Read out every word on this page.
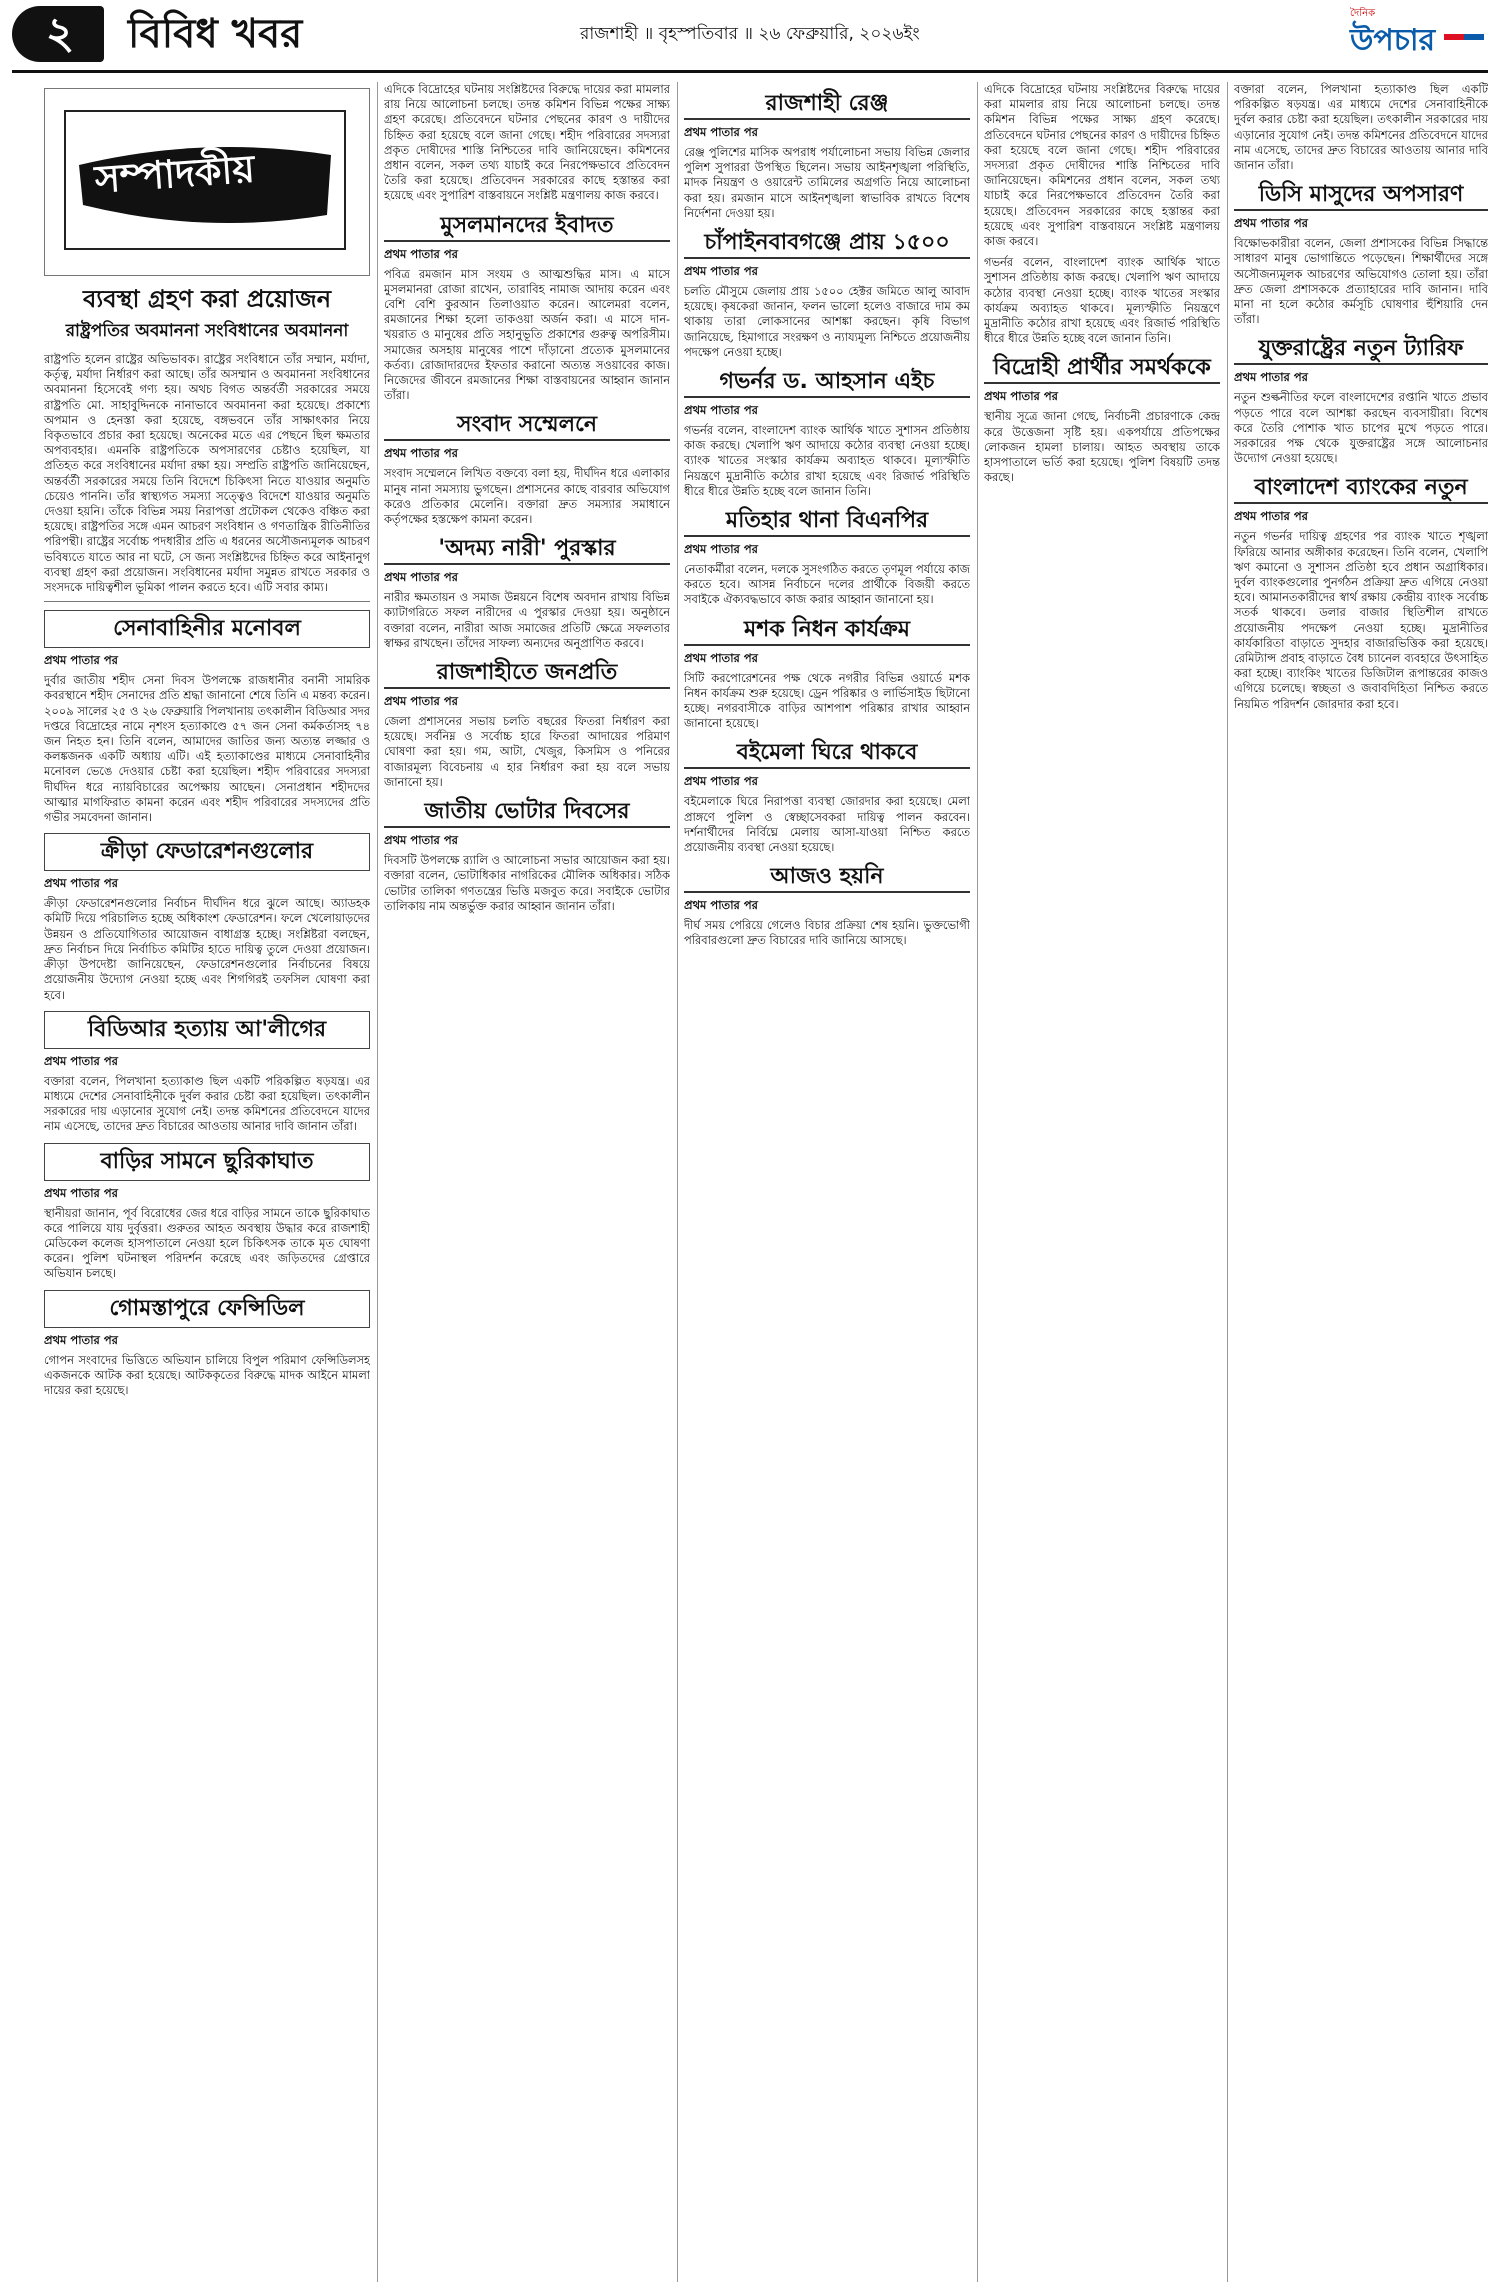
২	বিবিধ খবর	রাজশাহী ॥ বৃহস্পতিবার ॥ ২৬ ফেব্রুয়ারি, ২০২৬ইং
দৈনিক
উপচার
সম্পাদকীয়
ব্যবস্থা গ্রহণ করা প্রয়োজন
রাষ্ট্রপতির অবমাননা সংবিধানের অবমাননা
রাষ্ট্রপতি হলেন রাষ্ট্রের অভিভাবক। রাষ্ট্রের সংবিধানে তাঁর সম্মান, মর্যাদা, কর্তৃত্ব, মর্যাদা নির্ধারণ করা আছে। তাঁর অসম্মান ও অবমাননা সংবিধানের অবমাননা হিসেবেই গণ্য হয়। অথচ বিগত অন্তর্বর্তী সরকারের সময়ে রাষ্ট্রপতি মো. সাহাবুদ্দিনকে নানাভাবে অবমাননা করা হয়েছে। প্রকাশ্যে অপমান ও হেনস্তা করা হয়েছে, বঙ্গভবনে তাঁর সাক্ষাৎকার নিয়ে বিকৃতভাবে প্রচার করা হয়েছে। অনেকের মতে এর পেছনে ছিল ক্ষমতার অপব্যবহার। এমনকি রাষ্ট্রপতিকে অপসারণের চেষ্টাও হয়েছিল, যা প্রতিহত করে সংবিধানের মর্যাদা রক্ষা হয়। সম্প্রতি রাষ্ট্রপতি জানিয়েছেন, অন্তর্বর্তী সরকারের সময়ে তিনি বিদেশে চিকিৎসা নিতে যাওয়ার অনুমতি চেয়েও পাননি। তাঁর স্বাস্থ্যগত সমস্যা সত্ত্বেও বিদেশে যাওয়ার অনুমতি দেওয়া হয়নি। তাঁকে বিভিন্ন সময় নিরাপত্তা প্রটোকল থেকেও বঞ্চিত করা হয়েছে। রাষ্ট্রপতির সঙ্গে এমন আচরণ সংবিধান ও গণতান্ত্রিক রীতিনীতির পরিপন্থী। রাষ্ট্রের সর্বোচ্চ পদধারীর প্রতি এ ধরনের অসৌজন্যমূলক আচরণ ভবিষ্যতে যাতে আর না ঘটে, সে জন্য সংশ্লিষ্টদের চিহ্নিত করে আইনানুগ ব্যবস্থা গ্রহণ করা প্রয়োজন। সংবিধানের মর্যাদা সমুন্নত রাখতে সরকার ও সংসদকে দায়িত্বশীল ভূমিকা পালন করতে হবে। এটি সবার কাম্য।
সেনাবাহিনীর মনোবল
প্রথম পাতার পর
দুর্বার জাতীয় শহীদ সেনা দিবস উপলক্ষে রাজধানীর বনানী সামরিক কবরস্থানে শহীদ সেনাদের প্রতি শ্রদ্ধা জানানো শেষে তিনি এ মন্তব্য করেন। ২০০৯ সালের ২৫ ও ২৬ ফেব্রুয়ারি পিলখানায় তৎকালীন বিডিআর সদর দপ্তরে বিদ্রোহের নামে নৃশংস হত্যাকাণ্ডে ৫৭ জন সেনা কর্মকর্তাসহ ৭৪ জন নিহত হন। তিনি বলেন, আমাদের জাতির জন্য অত্যন্ত লজ্জার ও কলঙ্কজনক একটি অধ্যায় এটি। এই হত্যাকাণ্ডের মাধ্যমে সেনাবাহিনীর মনোবল ভেঙে দেওয়ার চেষ্টা করা হয়েছিল। শহীদ পরিবারের সদস্যরা দীর্ঘদিন ধরে ন্যায়বিচারের অপেক্ষায় আছেন। সেনাপ্রধান শহীদদের আত্মার মাগফিরাত কামনা করেন এবং শহীদ পরিবারের সদস্যদের প্রতি গভীর সমবেদনা জানান।
ক্রীড়া ফেডারেশনগুলোর
প্রথম পাতার পর
ক্রীড়া ফেডারেশনগুলোর নির্বাচন দীর্ঘদিন ধরে ঝুলে আছে। অ্যাডহক কমিটি দিয়ে পরিচালিত হচ্ছে অধিকাংশ ফেডারেশন। ফলে খেলোয়াড়দের উন্নয়ন ও প্রতিযোগিতার আয়োজন বাধাগ্রস্ত হচ্ছে। সংশ্লিষ্টরা বলছেন, দ্রুত নির্বাচন দিয়ে নির্বাচিত কমিটির হাতে দায়িত্ব তুলে দেওয়া প্রয়োজন। ক্রীড়া উপদেষ্টা জানিয়েছেন, ফেডারেশনগুলোর নির্বাচনের বিষয়ে প্রয়োজনীয় উদ্যোগ নেওয়া হচ্ছে এবং শিগগিরই তফসিল ঘোষণা করা হবে।
বিডিআর হত্যায় আ'লীগের
প্রথম পাতার পর
বক্তারা বলেন, পিলখানা হত্যাকাণ্ড ছিল একটি পরিকল্পিত ষড়যন্ত্র। এর মাধ্যমে দেশের সেনাবাহিনীকে দুর্বল করার চেষ্টা করা হয়েছিল। তৎকালীন সরকারের দায় এড়ানোর সুযোগ নেই। তদন্ত কমিশনের প্রতিবেদনে যাদের নাম এসেছে, তাদের দ্রুত বিচারের আওতায় আনার দাবি জানান তাঁরা।
বাড়ির সামনে ছুরিকাঘাত
প্রথম পাতার পর
স্থানীয়রা জানান, পূর্ব বিরোধের জের ধরে বাড়ির সামনে তাকে ছুরিকাঘাত করে পালিয়ে যায় দুর্বৃত্তরা। গুরুতর আহত অবস্থায় উদ্ধার করে রাজশাহী মেডিকেল কলেজ হাসপাতালে নেওয়া হলে চিকিৎসক তাকে মৃত ঘোষণা করেন। পুলিশ ঘটনাস্থল পরিদর্শন করেছে এবং জড়িতদের গ্রেপ্তারে অভিযান চলছে।
গোমস্তাপুরে ফেন্সিডিল
প্রথম পাতার পর
গোপন সংবাদের ভিত্তিতে অভিযান চালিয়ে বিপুল পরিমাণ ফেন্সিডিলসহ একজনকে আটক করা হয়েছে। আটককৃতের বিরুদ্ধে মাদক আইনে মামলা দায়ের করা হয়েছে।
এদিকে বিদ্রোহের ঘটনায় সংশ্লিষ্টদের বিরুদ্ধে দায়ের করা মামলার রায় নিয়ে আলোচনা চলছে। তদন্ত কমিশন বিভিন্ন পক্ষের সাক্ষ্য গ্রহণ করেছে। প্রতিবেদনে ঘটনার পেছনের কারণ ও দায়ীদের চিহ্নিত করা হয়েছে বলে জানা গেছে। শহীদ পরিবারের সদস্যরা প্রকৃত দোষীদের শাস্তি নিশ্চিতের দাবি জানিয়েছেন। কমিশনের প্রধান বলেন, সকল তথ্য যাচাই করে নিরপেক্ষভাবে প্রতিবেদন তৈরি করা হয়েছে। প্রতিবেদন সরকারের কাছে হস্তান্তর করা হয়েছে এবং সুপারিশ বাস্তবায়নে সংশ্লিষ্ট মন্ত্রণালয় কাজ করবে।
মুসলমানদের ইবাদত
প্রথম পাতার পর
পবিত্র রমজান মাস সংযম ও আত্মশুদ্ধির মাস। এ মাসে মুসলমানরা রোজা রাখেন, তারাবিহ নামাজ আদায় করেন এবং বেশি বেশি কুরআন তিলাওয়াত করেন। আলেমরা বলেন, রমজানের শিক্ষা হলো তাকওয়া অর্জন করা। এ মাসে দান-খয়রাত ও মানুষের প্রতি সহানুভূতি প্রকাশের গুরুত্ব অপরিসীম। সমাজের অসহায় মানুষের পাশে দাঁড়ানো প্রত্যেক মুসলমানের কর্তব্য। রোজাদারদের ইফতার করানো অত্যন্ত সওয়াবের কাজ। নিজেদের জীবনে রমজানের শিক্ষা বাস্তবায়নের আহ্বান জানান তাঁরা।
সংবাদ সম্মেলনে
প্রথম পাতার পর
সংবাদ সম্মেলনে লিখিত বক্তব্যে বলা হয়, দীর্ঘদিন ধরে এলাকার মানুষ নানা সমস্যায় ভুগছেন। প্রশাসনের কাছে বারবার অভিযোগ করেও প্রতিকার মেলেনি। বক্তারা দ্রুত সমস্যার সমাধানে কর্তৃপক্ষের হস্তক্ষেপ কামনা করেন।
'অদম্য নারী' পুরস্কার
প্রথম পাতার পর
নারীর ক্ষমতায়ন ও সমাজ উন্নয়নে বিশেষ অবদান রাখায় বিভিন্ন ক্যাটাগরিতে সফল নারীদের এ পুরস্কার দেওয়া হয়। অনুষ্ঠানে বক্তারা বলেন, নারীরা আজ সমাজের প্রতিটি ক্ষেত্রে সফলতার স্বাক্ষর রাখছেন। তাঁদের সাফল্য অন্যদের অনুপ্রাণিত করবে।
রাজশাহীতে জনপ্রতি
প্রথম পাতার পর
জেলা প্রশাসনের সভায় চলতি বছরের ফিতরা নির্ধারণ করা হয়েছে। সর্বনিম্ন ও সর্বোচ্চ হারে ফিতরা আদায়ের পরিমাণ ঘোষণা করা হয়। গম, আটা, খেজুর, কিসমিস ও পনিরের বাজারমূল্য বিবেচনায় এ হার নির্ধারণ করা হয় বলে সভায় জানানো হয়।
জাতীয় ভোটার দিবসের
প্রথম পাতার পর
দিবসটি উপলক্ষে র‍্যালি ও আলোচনা সভার আয়োজন করা হয়। বক্তারা বলেন, ভোটাধিকার নাগরিকের মৌলিক অধিকার। সঠিক ভোটার তালিকা গণতন্ত্রের ভিত্তি মজবুত করে। সবাইকে ভোটার তালিকায় নাম অন্তর্ভুক্ত করার আহ্বান জানান তাঁরা।
রাজশাহী রেঞ্জ
প্রথম পাতার পর
রেঞ্জ পুলিশের মাসিক অপরাধ পর্যালোচনা সভায় বিভিন্ন জেলার পুলিশ সুপাররা উপস্থিত ছিলেন। সভায় আইনশৃঙ্খলা পরিস্থিতি, মাদক নিয়ন্ত্রণ ও ওয়ারেন্ট তামিলের অগ্রগতি নিয়ে আলোচনা করা হয়। রমজান মাসে আইনশৃঙ্খলা স্বাভাবিক রাখতে বিশেষ নির্দেশনা দেওয়া হয়।
চাঁপাইনবাবগঞ্জে প্রায় ১৫০০
প্রথম পাতার পর
চলতি মৌসুমে জেলায় প্রায় ১৫০০ হেক্টর জমিতে আলু আবাদ হয়েছে। কৃষকেরা জানান, ফলন ভালো হলেও বাজারে দাম কম থাকায় তারা লোকসানের আশঙ্কা করছেন। কৃষি বিভাগ জানিয়েছে, হিমাগারে সংরক্ষণ ও ন্যায্যমূল্য নিশ্চিতে প্রয়োজনীয় পদক্ষেপ নেওয়া হচ্ছে।
গভর্নর ড. আহসান এইচ
প্রথম পাতার পর
গভর্নর বলেন, বাংলাদেশ ব্যাংক আর্থিক খাতে সুশাসন প্রতিষ্ঠায় কাজ করছে। খেলাপি ঋণ আদায়ে কঠোর ব্যবস্থা নেওয়া হচ্ছে। ব্যাংক খাতের সংস্কার কার্যক্রম অব্যাহত থাকবে। মূল্যস্ফীতি নিয়ন্ত্রণে মুদ্রানীতি কঠোর রাখা হয়েছে এবং রিজার্ভ পরিস্থিতি ধীরে ধীরে উন্নতি হচ্ছে বলে জানান তিনি।
মতিহার থানা বিএনপির
প্রথম পাতার পর
নেতাকর্মীরা বলেন, দলকে সুসংগঠিত করতে তৃণমূল পর্যায়ে কাজ করতে হবে। আসন্ন নির্বাচনে দলের প্রার্থীকে বিজয়ী করতে সবাইকে ঐক্যবদ্ধভাবে কাজ করার আহ্বান জানানো হয়।
মশক নিধন কার্যক্রম
প্রথম পাতার পর
সিটি করপোরেশনের পক্ষ থেকে নগরীর বিভিন্ন ওয়ার্ডে মশক নিধন কার্যক্রম শুরু হয়েছে। ড্রেন পরিষ্কার ও লার্ভিসাইড ছিটানো হচ্ছে। নগরবাসীকে বাড়ির আশপাশ পরিষ্কার রাখার আহ্বান জানানো হয়েছে।
বইমেলা ঘিরে থাকবে
প্রথম পাতার পর
বইমেলাকে ঘিরে নিরাপত্তা ব্যবস্থা জোরদার করা হয়েছে। মেলা প্রাঙ্গণে পুলিশ ও স্বেচ্ছাসেবকরা দায়িত্ব পালন করবেন। দর্শনার্থীদের নির্বিঘ্নে মেলায় আসা-যাওয়া নিশ্চিত করতে প্রয়োজনীয় ব্যবস্থা নেওয়া হয়েছে।
আজও হয়নি
প্রথম পাতার পর
দীর্ঘ সময় পেরিয়ে গেলেও বিচার প্রক্রিয়া শেষ হয়নি। ভুক্তভোগী পরিবারগুলো দ্রুত বিচারের দাবি জানিয়ে আসছে।
এদিকে বিদ্রোহের ঘটনায় সংশ্লিষ্টদের বিরুদ্ধে দায়ের করা মামলার রায় নিয়ে আলোচনা চলছে। তদন্ত কমিশন বিভিন্ন পক্ষের সাক্ষ্য গ্রহণ করেছে। প্রতিবেদনে ঘটনার পেছনের কারণ ও দায়ীদের চিহ্নিত করা হয়েছে বলে জানা গেছে। শহীদ পরিবারের সদস্যরা প্রকৃত দোষীদের শাস্তি নিশ্চিতের দাবি জানিয়েছেন। কমিশনের প্রধান বলেন, সকল তথ্য যাচাই করে নিরপেক্ষভাবে প্রতিবেদন তৈরি করা হয়েছে। প্রতিবেদন সরকারের কাছে হস্তান্তর করা হয়েছে এবং সুপারিশ বাস্তবায়নে সংশ্লিষ্ট মন্ত্রণালয় কাজ করবে।
গভর্নর বলেন, বাংলাদেশ ব্যাংক আর্থিক খাতে সুশাসন প্রতিষ্ঠায় কাজ করছে। খেলাপি ঋণ আদায়ে কঠোর ব্যবস্থা নেওয়া হচ্ছে। ব্যাংক খাতের সংস্কার কার্যক্রম অব্যাহত থাকবে। মূল্যস্ফীতি নিয়ন্ত্রণে মুদ্রানীতি কঠোর রাখা হয়েছে এবং রিজার্ভ পরিস্থিতি ধীরে ধীরে উন্নতি হচ্ছে বলে জানান তিনি।
বিদ্রোহী প্রার্থীর সমর্থককে
প্রথম পাতার পর
স্থানীয় সূত্রে জানা গেছে, নির্বাচনী প্রচারণাকে কেন্দ্র করে উত্তেজনা সৃষ্টি হয়। একপর্যায়ে প্রতিপক্ষের লোকজন হামলা চালায়। আহত অবস্থায় তাকে হাসপাতালে ভর্তি করা হয়েছে। পুলিশ বিষয়টি তদন্ত করছে।
বক্তারা বলেন, পিলখানা হত্যাকাণ্ড ছিল একটি পরিকল্পিত ষড়যন্ত্র। এর মাধ্যমে দেশের সেনাবাহিনীকে দুর্বল করার চেষ্টা করা হয়েছিল। তৎকালীন সরকারের দায় এড়ানোর সুযোগ নেই। তদন্ত কমিশনের প্রতিবেদনে যাদের নাম এসেছে, তাদের দ্রুত বিচারের আওতায় আনার দাবি জানান তাঁরা।
ডিসি মাসুদের অপসারণ
প্রথম পাতার পর
বিক্ষোভকারীরা বলেন, জেলা প্রশাসকের বিভিন্ন সিদ্ধান্তে সাধারণ মানুষ ভোগান্তিতে পড়েছেন। শিক্ষার্থীদের সঙ্গে অসৌজন্যমূলক আচরণের অভিযোগও তোলা হয়। তাঁরা দ্রুত জেলা প্রশাসককে প্রত্যাহারের দাবি জানান। দাবি মানা না হলে কঠোর কর্মসূচি ঘোষণার হুঁশিয়ারি দেন তাঁরা।
যুক্তরাষ্ট্রের নতুন ট্যারিফ
প্রথম পাতার পর
নতুন শুল্কনীতির ফলে বাংলাদেশের রপ্তানি খাতে প্রভাব পড়তে পারে বলে আশঙ্কা করছেন ব্যবসায়ীরা। বিশেষ করে তৈরি পোশাক খাত চাপের মুখে পড়তে পারে। সরকারের পক্ষ থেকে যুক্তরাষ্ট্রের সঙ্গে আলোচনার উদ্যোগ নেওয়া হয়েছে।
বাংলাদেশ ব্যাংকের নতুন
প্রথম পাতার পর
নতুন গভর্নর দায়িত্ব গ্রহণের পর ব্যাংক খাতে শৃঙ্খলা ফিরিয়ে আনার অঙ্গীকার করেছেন। তিনি বলেন, খেলাপি ঋণ কমানো ও সুশাসন প্রতিষ্ঠা হবে প্রধান অগ্রাধিকার। দুর্বল ব্যাংকগুলোর পুনর্গঠন প্রক্রিয়া দ্রুত এগিয়ে নেওয়া হবে। আমানতকারীদের স্বার্থ রক্ষায় কেন্দ্রীয় ব্যাংক সর্বোচ্চ সতর্ক থাকবে। ডলার বাজার স্থিতিশীল রাখতে প্রয়োজনীয় পদক্ষেপ নেওয়া হচ্ছে। মুদ্রানীতির কার্যকারিতা বাড়াতে সুদহার বাজারভিত্তিক করা হয়েছে। রেমিট্যান্স প্রবাহ বাড়াতে বৈধ চ্যানেল ব্যবহারে উৎসাহিত করা হচ্ছে। ব্যাংকিং খাতের ডিজিটাল রূপান্তরের কাজও এগিয়ে চলেছে। স্বচ্ছতা ও জবাবদিহিতা নিশ্চিত করতে নিয়মিত পরিদর্শন জোরদার করা হবে।
